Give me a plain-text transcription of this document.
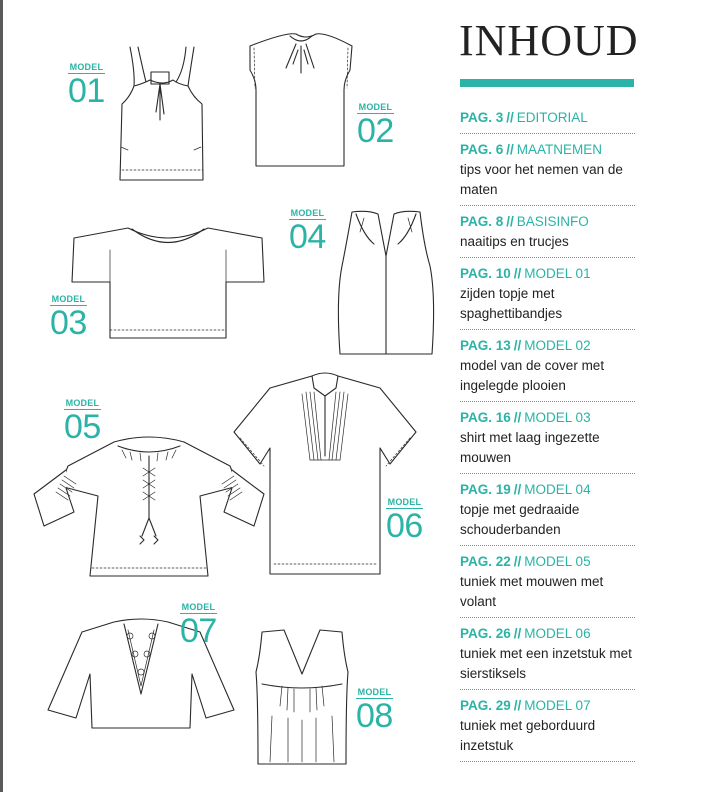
MODEL
01	MODEL
02
MODEL
03
MODEL
04
MODEL
05
MODEL
06
MODEL
07
MODEL
08
INHOUD
PAG. 3 // EDITORIAL
PAG. 6 // MAATNEMEN
tips voor het nemen van de maten
PAG. 8 // BASISINFO
naaitips en trucjes
PAG. 10 // MODEL 01
zijden topje met spaghettibandjes
PAG. 13 // MODEL 02
model van de cover met ingelegde plooien
PAG. 16 // MODEL 03
shirt met laag ingezette mouwen
PAG. 19 // MODEL 04
topje met gedraaide schouderbanden
PAG. 22 // MODEL 05
tuniek met mouwen met volant
PAG. 26 // MODEL 06
tuniek met een inzetstuk met sierstiksels
PAG. 29 // MODEL 07
tuniek met geborduurd inzetstuk
